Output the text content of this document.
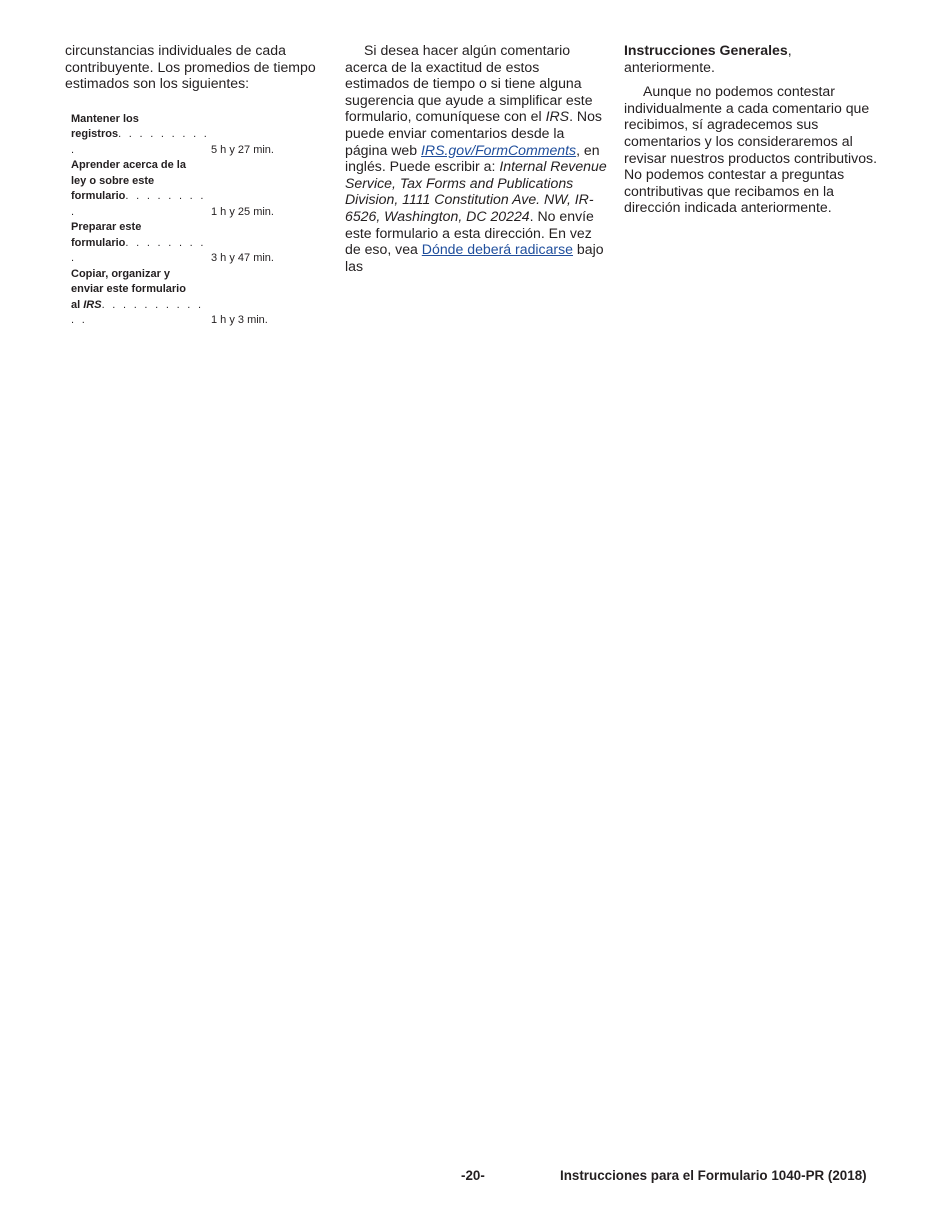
circunstancias individuales de cada contribuyente. Los promedios de tiempo estimados son los siguientes:

Mantener los
registros. . . . . . . . . .	5 h y 27 min.
Aprender acerca de la
ley o sobre este
formulario. . . . . . . . .	1 h y 25 min.
Preparar este
formulario. . . . . . . . .	3 h y 47 min.
Copiar, organizar y
enviar este formulario
al IRS. . . . . . . . . . . .	1 h y 3 min.

Si desea hacer algún comentario acerca de la exactitud de estos estimados de tiempo o si tiene alguna sugerencia que ayude a simplificar este formulario, comuníquese con el IRS. Nos puede enviar comentarios desde la página web IRS.gov/FormComments, en inglés. Puede escribir a: Internal Revenue Service, Tax Forms and Publications Division, 1111 Constitution Ave. NW, IR-6526, Washington, DC 20224. No envíe este formulario a esta dirección. En vez de eso, vea Dónde deberá radicarse bajo las

Instrucciones Generales,
anteriormente.

Aunque no podemos contestar individualmente a cada comentario que recibimos, sí agradecemos sus comentarios y los consideraremos al revisar nuestros productos contributivos. No podemos contestar a preguntas contributivas que recibamos en la dirección indicada anteriormente.

-20-	Instrucciones para el Formulario 1040-PR (2018)
